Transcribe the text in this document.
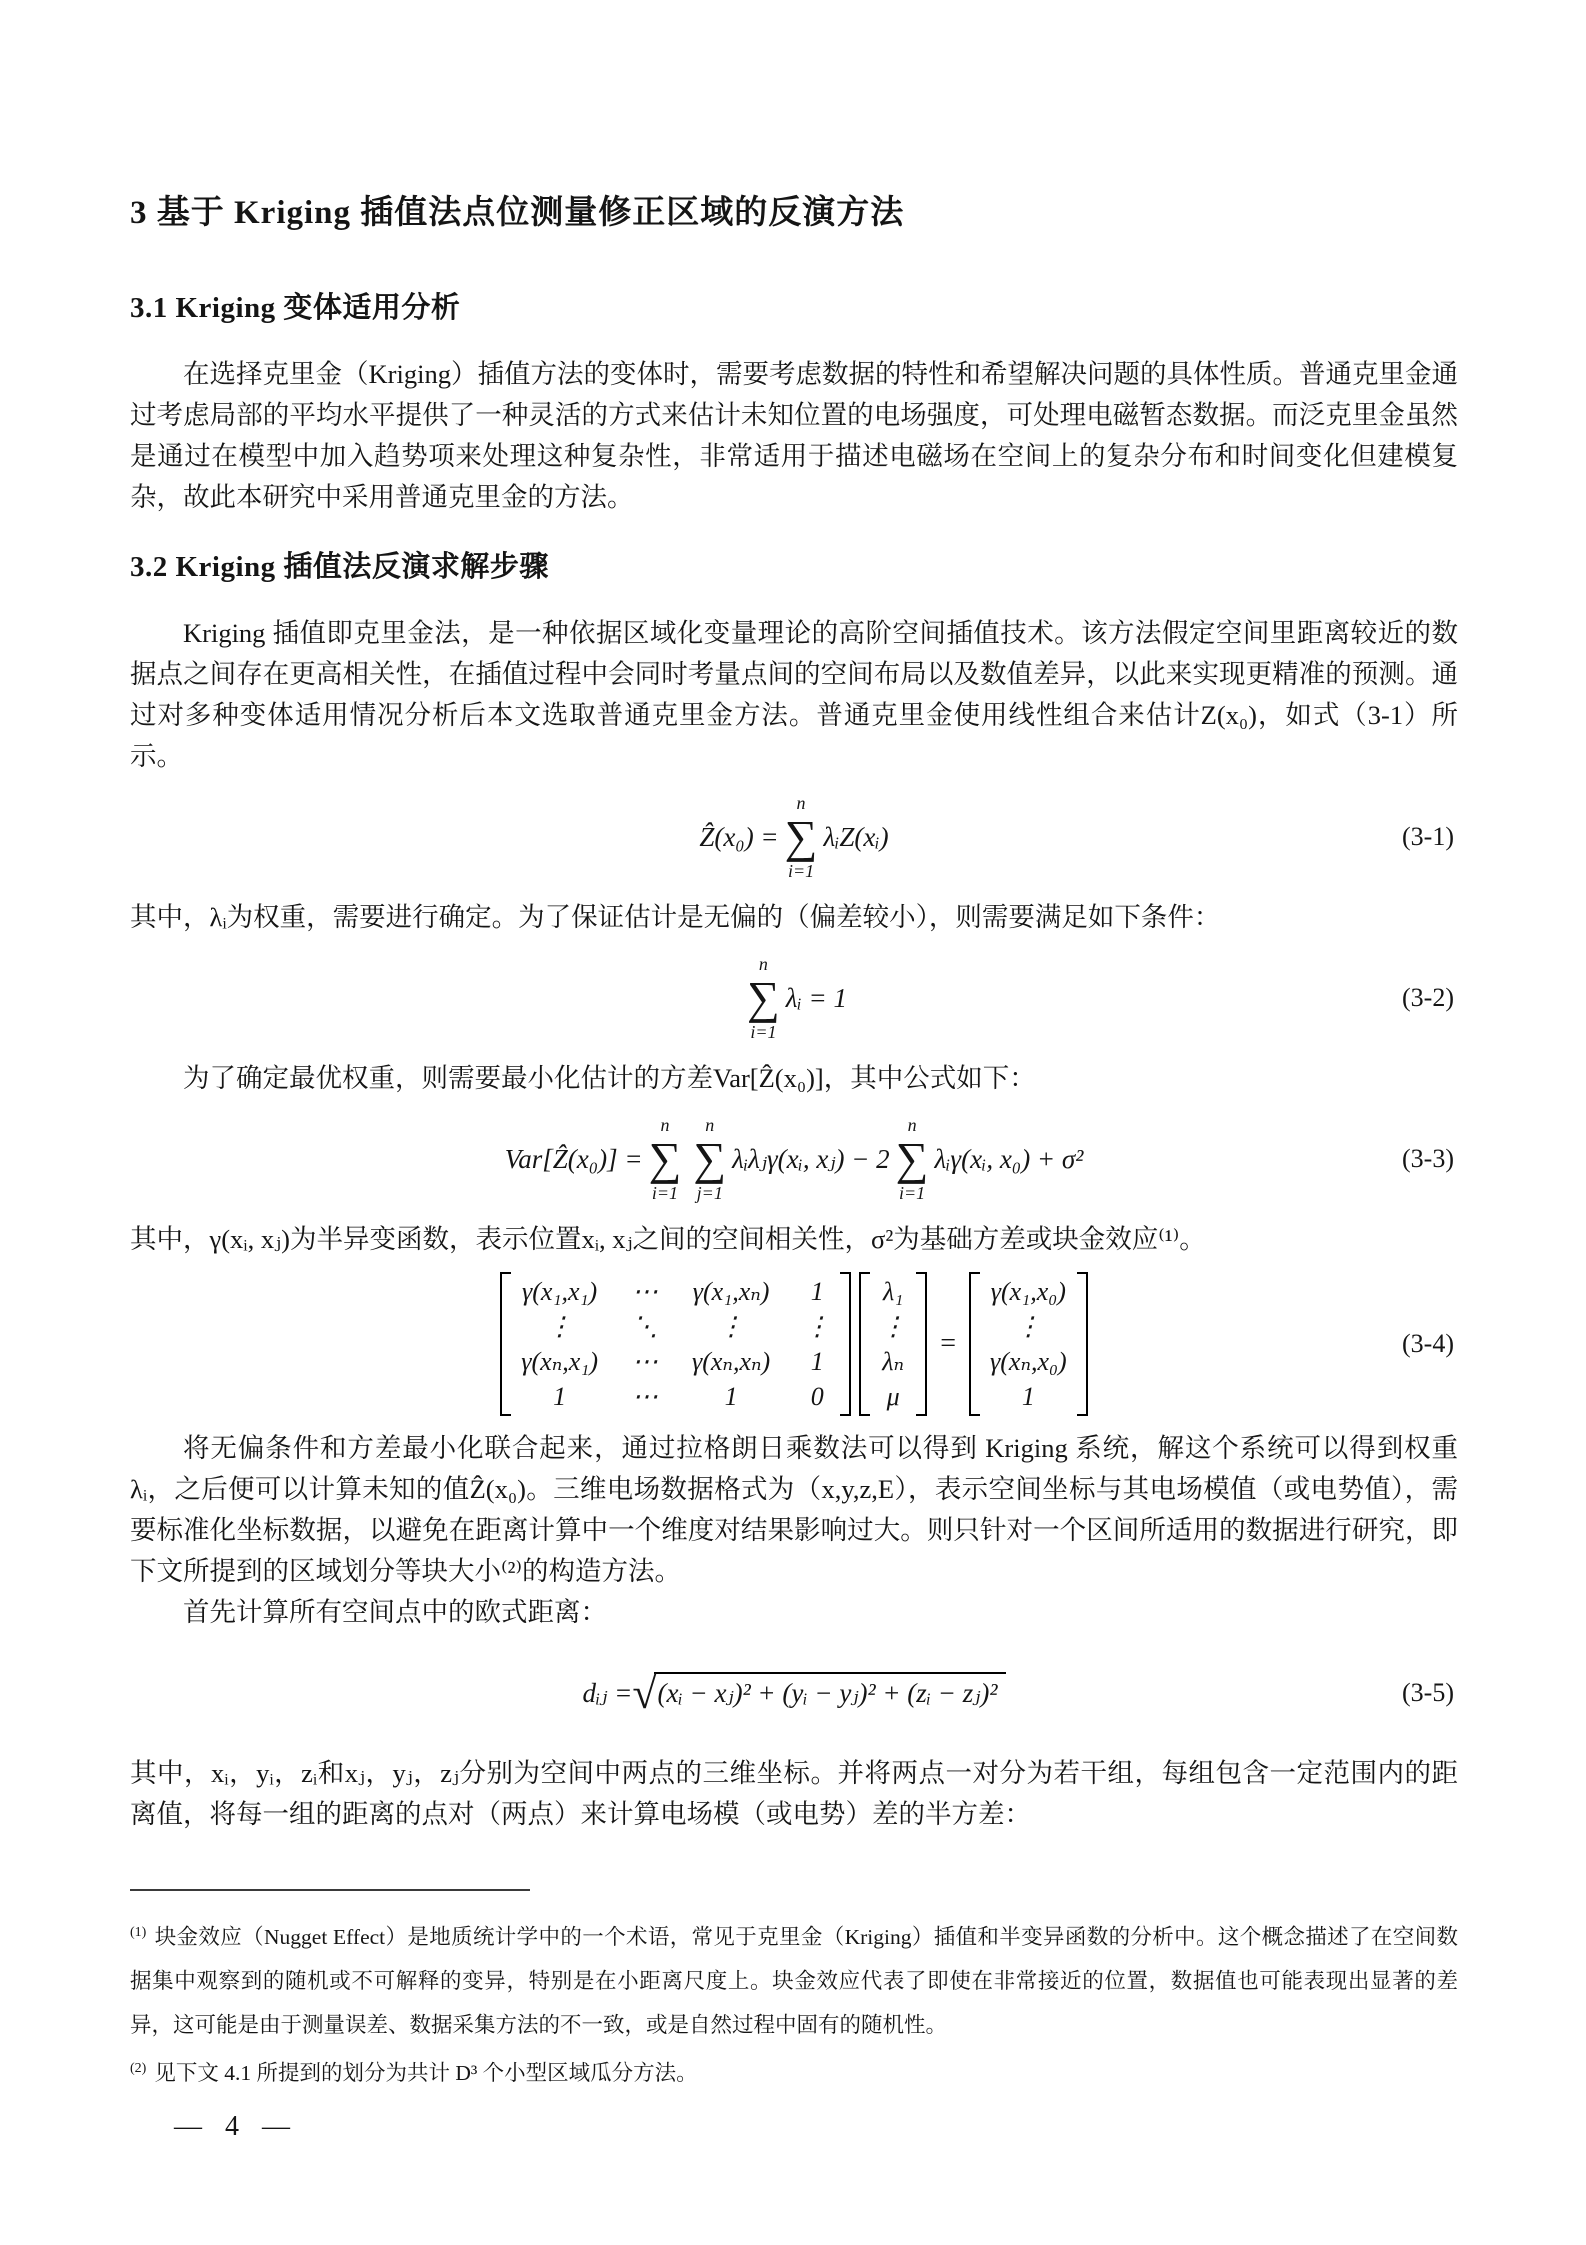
3 基于 Kriging 插值法点位测量修正区域的反演方法
3.1 Kriging 变体适用分析

在选择克里金（Kriging）插值方法的变体时，需要考虑数据的特性和希望解决问题的具体性质。普通克里金通过考虑局部的平均水平提供了一种灵活的方式来估计未知位置的电场强度，可处理电磁暂态数据。而泛克里金虽然是通过在模型中加入趋势项来处理这种复杂性，非常适用于描述电磁场在空间上的复杂分布和时间变化但建模复杂，故此本研究中采用普通克里金的方法。

3.2 Kriging 插值法反演求解步骤

Kriging 插值即克里金法，是一种依据区域化变量理论的高阶空间插值技术。该方法假定空间里距离较近的数据点之间存在更高相关性，在插值过程中会同时考量点间的空间布局以及数值差异，以此来实现更精准的预测。通过对多种变体适用情况分析后本文选取普通克里金方法。普通克里金使用线性组合来估计Z(x₀)，如式（3-1）所示。

Ẑ(x₀) =
n
∑
i=1
λᵢZ(xᵢ)	(3-1)

其中，λᵢ为权重，需要进行确定。为了保证估计是无偏的（偏差较小），则需要满足如下条件：

n
∑
i=1
λᵢ = 1	(3-2)

为了确定最优权重，则需要最小化估计的方差Var[Ẑ(x₀)]，其中公式如下：

Var[Ẑ(x₀)] =
n
∑
i=1
n
∑
j=1
λᵢλⱼγ(xᵢ, xⱼ) − 2
n
∑
i=1
λᵢγ(xᵢ, x₀) + σ²	(3-3)

其中，γ(xᵢ, xⱼ)为半异变函数，表示位置xᵢ, xⱼ之间的空间相关性，σ²为基础方差或块金效应⁽¹⁾。

γ(x₁,x₁) ⋯ γ(x₁,xₙ) 1
⋮ ⋱ ⋮ ⋮
γ(xₙ,x₁) ⋯ γ(xₙ,xₙ) 1
1	⋯	1	0
λ₁
⋮
λₙ
μ
=
γ(x₁,x₀)
⋮
γ(xₙ,x₀)
1
(3-4)

将无偏条件和方差最小化联合起来，通过拉格朗日乘数法可以得到 Kriging 系统，解这个系统可以得到权重 λᵢ，之后便可以计算未知的值Ẑ(x₀)。三维电场数据格式为（x,y,z,E），表示空间坐标与其电场模值（或电势值），需要标准化坐标数据，以避免在距离计算中一个维度对结果影响过大。则只针对一个区间所适用的数据进行研究，即下文所提到的区域划分等块大小⁽²⁾的构造方法。

首先计算所有空间点中的欧式距离：

dᵢⱼ = √ (xᵢ − xⱼ)² + (yᵢ − yⱼ)² + (zᵢ − zⱼ)²	(3-5)

其中，xᵢ，yᵢ，zᵢ和xⱼ，yⱼ，zⱼ分别为空间中两点的三维坐标。并将两点一对分为若干组，每组包含一定范围内的距离值，将每一组的距离的点对（两点）来计算电场模（或电势）差的半方差：

$^{(1)}$ 块金效应（Nugget Effect）是地质统计学中的一个术语，常见于克里金（Kriging）插值和半变异函数的分析中。这个概念描述了在空间数据集中观察到的随机或不可解释的变异，特别是在小距离尺度上。块金效应代表了即使在非常接近的位置，数据值也可能表现出显著的差异，这可能是由于测量误差、数据采集方法的不一致，或是自然过程中固有的随机性。

$^{(2)}$ 见下文 4.1 所提到的划分为共计 D³ 个小型区域瓜分方法。

— 4 —
